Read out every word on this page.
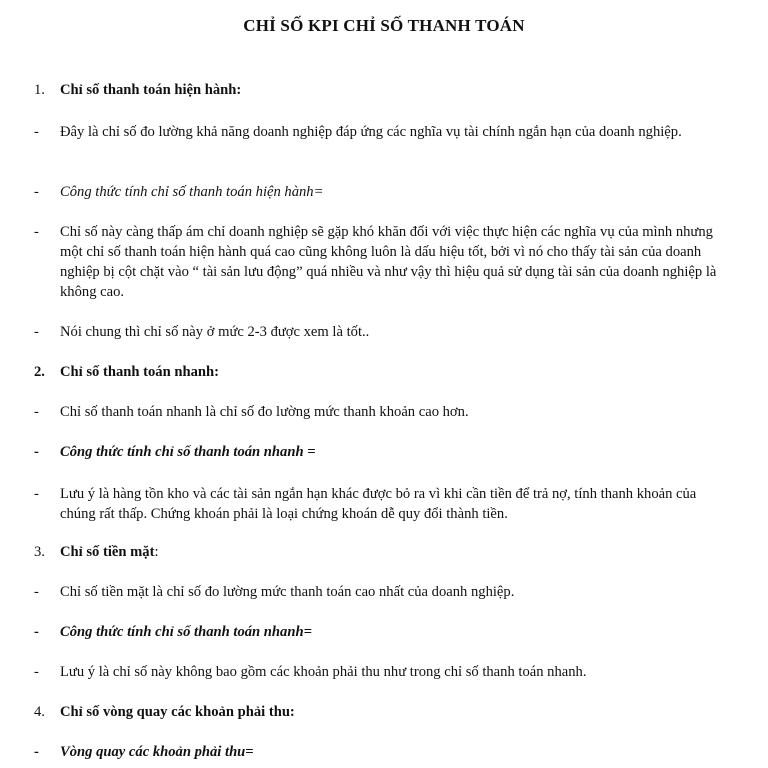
CHỈ SỐ KPI CHỈ SỐ THANH TOÁN
1. Chỉ số thanh toán hiện hành:
- Đây là chỉ số đo lường khả năng doanh nghiệp đáp ứng các nghĩa vụ tài chính ngắn hạn của doanh nghiệp.
- Công thức tính chỉ số thanh toán hiện hành=
- Chỉ số này càng thấp ám chỉ doanh nghiệp sẽ gặp khó khăn đối với việc thực hiện các nghĩa vụ của mình nhưng một chỉ số thanh toán hiện hành quá cao cũng không luôn là dấu hiệu tốt, bởi vì nó cho thấy tài sản của doanh nghiệp bị cột chặt vào “ tài sản lưu động” quá nhiều và như vậy thì hiệu quả sử dụng tài sản của doanh nghiệp là không cao.
- Nói chung thì chỉ số này ở mức 2-3 được xem là tốt..
2. Chỉ số thanh toán nhanh:
- Chỉ số thanh toán nhanh là chỉ số đo lường mức thanh khoản cao hơn.
- Công thức tính chỉ số thanh toán nhanh =
- Lưu ý là hàng tồn kho và các tài sản ngắn hạn khác được bỏ ra vì khi cần tiền để trả nợ, tính thanh khoản của chúng rất thấp. Chứng khoán phải là loại chứng khoán dễ quy đổi thành tiền.
3. Chỉ số tiền mặt:
- Chỉ số tiền mặt là chỉ số đo lường mức thanh toán cao nhất của doanh nghiệp.
- Công thức tính chỉ số thanh toán nhanh=
- Lưu ý là chỉ số này không bao gồm các khoản phải thu như trong chỉ số thanh toán nhanh.
4. Chỉ số vòng quay các khoản phải thu:
- Vòng quay các khoản phải thu=
